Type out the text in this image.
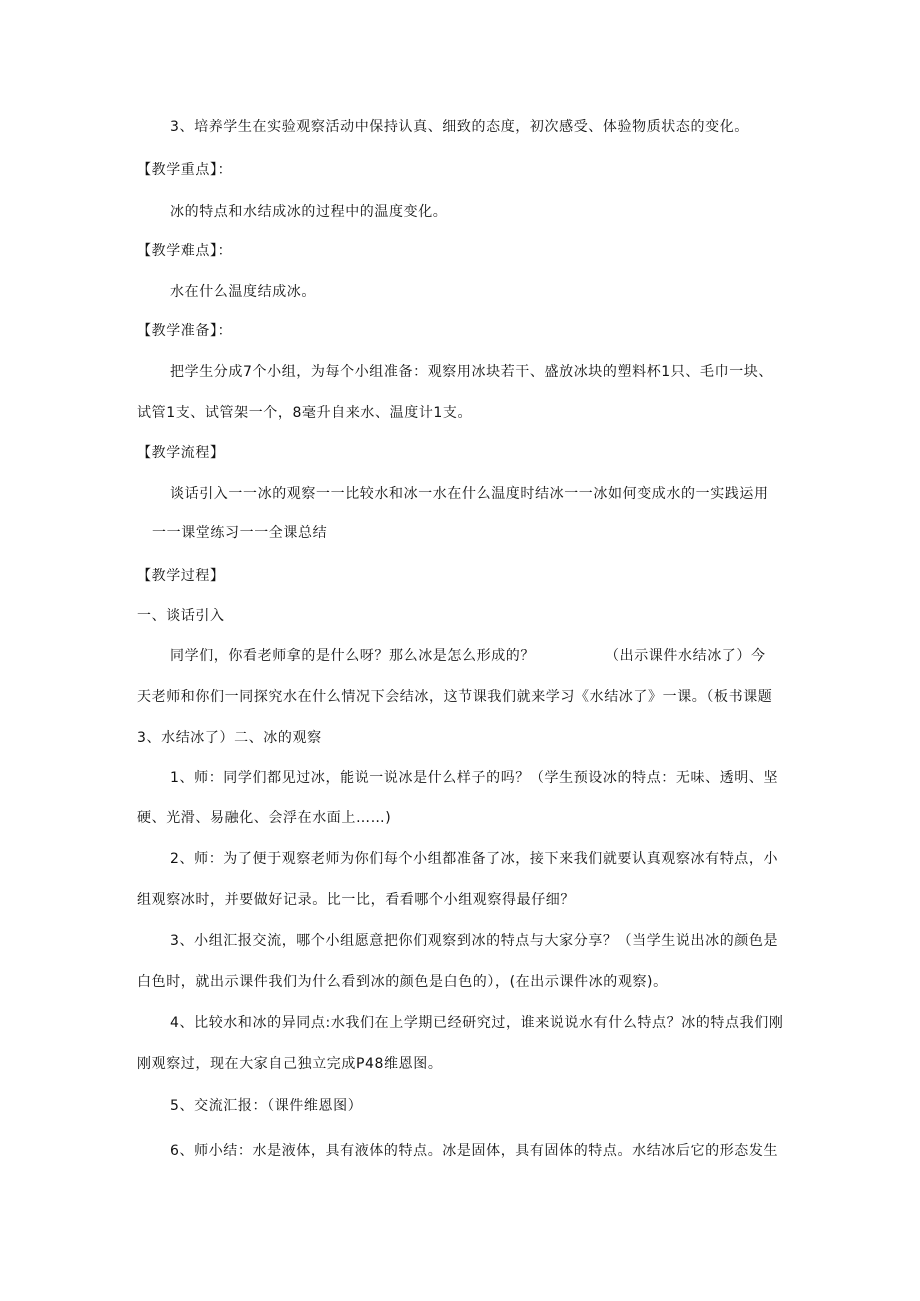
3、培养学生在实验观察活动中保持认真、细致的态度，初次感受、体验物质状态的变化。
【教学重点】：
冰的特点和水结成冰的过程中的温度变化。
【教学难点】：
水在什么温度结成冰。
【教学准备】：
把学生分成7个小组，为每个小组准备：观察用冰块若干、盛放冰块的塑料杯1只、毛巾一块、
试管1支、试管架一个，8毫升自来水、温度计1支。
【教学流程】
谈话引入一一冰的观察一一比较水和冰一水在什么温度时结冰一一冰如何变成水的一实践运用
一一课堂练习一一全课总结
【教学过程】
一、谈话引入
同学们，你看老师拿的是什么呀？那么冰是怎么形成的？	（出示课件水结冰了）今
天老师和你们一同探究水在什么情况下会结冰，这节课我们就来学习《水结冰了》一课。（板书课题
3、水结冰了）二、冰的观察
1、师：同学们都见过冰，能说一说冰是什么样子的吗？（学生预设冰的特点：无味、透明、坚
硬、光滑、易融化、会浮在水面上……)
2、师：为了便于观察老师为你们每个小组都准备了冰，接下来我们就要认真观察冰有特点，小
组观察冰时，并要做好记录。比一比，看看哪个小组观察得最仔细？
3、小组汇报交流，哪个小组愿意把你们观察到冰的特点与大家分享？（当学生说出冰的颜色是
白色时，就出示课件我们为什么看到冰的颜色是白色的），(在出示课件冰的观察)。
4、比较水和冰的异同点:水我们在上学期已经研究过，谁来说说水有什么特点？冰的特点我们刚
刚观察过，现在大家自己独立完成P48维恩图。
5、交流汇报：（课件维恩图）
6、师小结：水是液体，具有液体的特点。冰是固体，具有固体的特点。水结冰后它的形态发生
